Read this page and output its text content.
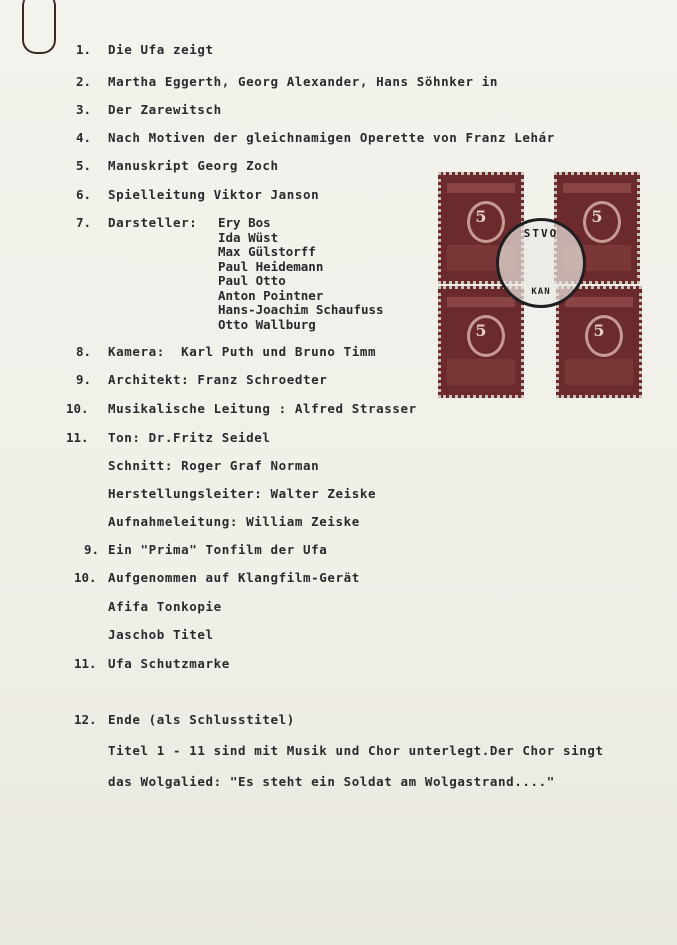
1. Die Ufa zeigt
2. Martha Eggerth, Georg Alexander, Hans Söhnker in
3. Der Zarewitsch
4. Nach Motiven der gleichnamigen Operette von Franz Lehár
5. Manuskript Georg Zoch
6. Spielleitung Viktor Janson
7. Darsteller: Ery Bos
Ida Wüst
Max Gülstorff
Paul Heidemann
Paul Otto
Anton Pointner
Hans-Joachim Schaufuss
Otto Wallburg
8. Kamera:  Karl Puth und Bruno Timm
9. Architekt: Franz Schroedter
10. Musikalische Leitung : Alfred Strasser
11. Ton: Dr.Fritz Seidel
Schnitt: Roger Graf Norman
Herstellungsleiter: Walter Zeiske
Aufnahmeleitung: William Zeiske
9. Ein "Prima" Tonfilm der Ufa
10. Aufgenommen auf Klangfilm-Gerät
Afifa Tonkopie
Jaschob Titel
11. Ufa Schutzmarke
12. Ende (als Schlusstitel)
Titel 1 - 11 sind mit Musik und Chor unterlegt.Der Chor singt
das Wolgalied: "Es steht ein Soldat am Wolgastrand...."
5	5
5	5
STVO
KAN
